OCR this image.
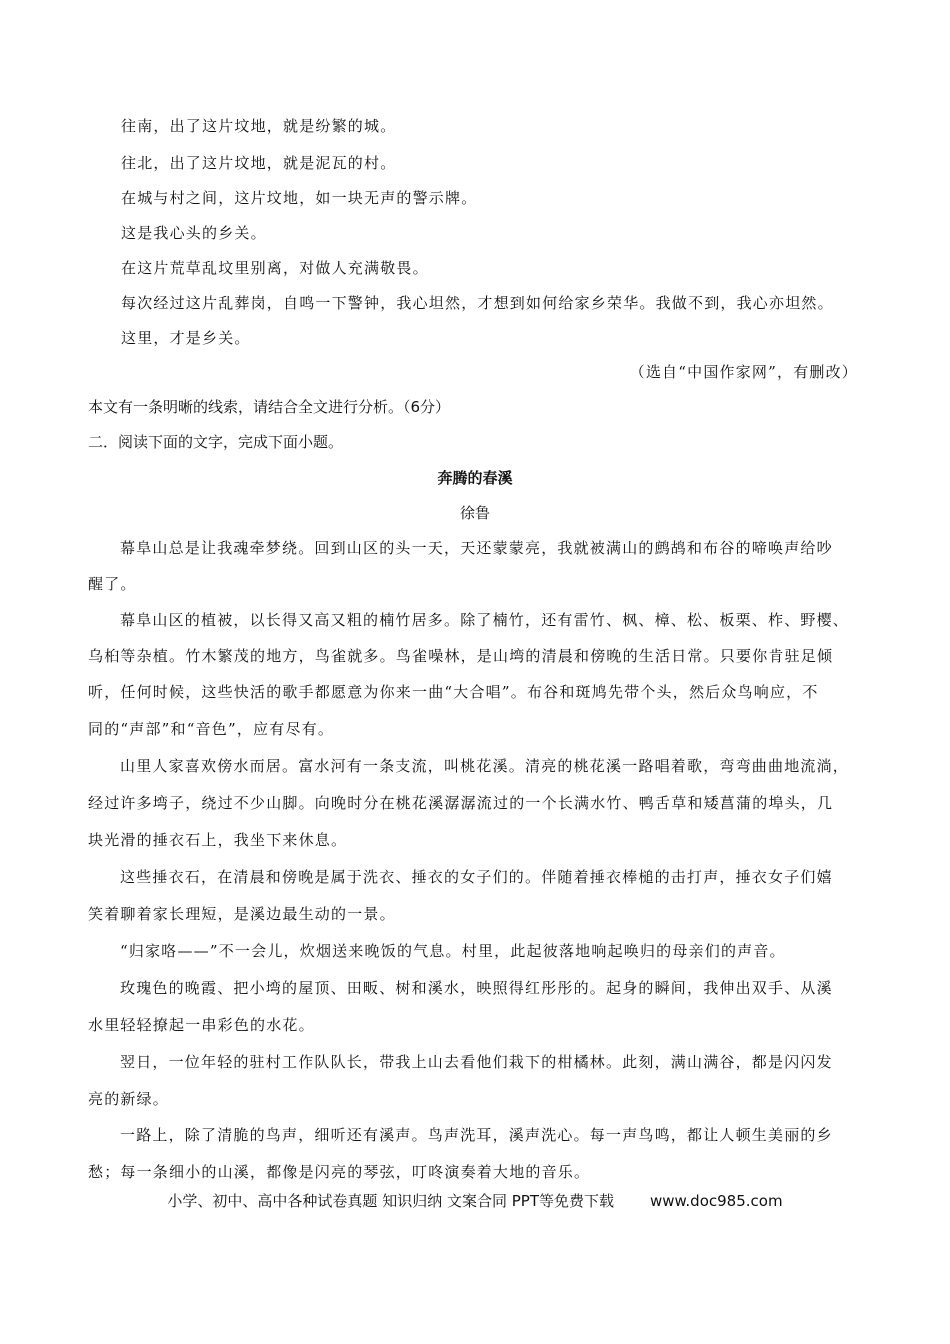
往南，出了这片坟地，就是纷繁的城。
往北，出了这片坟地，就是泥瓦的村。
在城与村之间，这片坟地，如一块无声的警示牌。
这是我心头的乡关。
在这片荒草乱坟里别离，对做人充满敬畏。
每次经过这片乱葬岗，自鸣一下警钟，我心坦然，才想到如何给家乡荣华。我做不到，我心亦坦然。
这里，才是乡关。
（选自“中国作家网”，有删改）
本文有一条明晰的线索，请结合全文进行分析。（6分）
二．阅读下面的文字，完成下面小题。
奔腾的春溪
徐鲁
幕阜山总是让我魂牵梦绕。回到山区的头一天，天还蒙蒙亮，我就被满山的鹧鸪和布谷的啼唤声给吵
醒了。
幕阜山区的植被，以长得又高又粗的楠竹居多。除了楠竹，还有雷竹、枫、樟、松、板栗、柞、野樱、
乌桕等杂植。竹木繁茂的地方，鸟雀就多。鸟雀噪林，是山塆的清晨和傍晚的生活日常。只要你肯驻足倾
听，任何时候，这些快活的歌手都愿意为你来一曲“大合唱”。布谷和斑鸠先带个头，然后众鸟响应，不
同的“声部”和“音色”，应有尽有。
山里人家喜欢傍水而居。富水河有一条支流，叫桃花溪。清亮的桃花溪一路唱着歌，弯弯曲曲地流淌，
经过许多塆子，绕过不少山脚。向晚时分在桃花溪潺潺流过的一个长满水竹、鸭舌草和矮菖蒲的埠头，几
块光滑的捶衣石上，我坐下来休息。
这些捶衣石，在清晨和傍晚是属于洗衣、捶衣的女子们的。伴随着捶衣棒槌的击打声，捶衣女子们嬉
笑着聊着家长理短，是溪边最生动的一景。
“归家咯——”不一会儿，炊烟送来晚饭的气息。村里，此起彼落地响起唤归的母亲们的声音。
玫瑰色的晚霞、把小塆的屋顶、田畈、树和溪水，映照得红彤彤的。起身的瞬间，我伸出双手、从溪
水里轻轻撩起一串彩色的水花。
翌日，一位年轻的驻村工作队队长，带我上山去看他们栽下的柑橘林。此刻，满山满谷，都是闪闪发
亮的新绿。
一路上，除了清脆的鸟声，细听还有溪声。鸟声洗耳，溪声洗心。每一声鸟鸣，都让人顿生美丽的乡
愁；每一条细小的山溪，都像是闪亮的琴弦，叮咚演奏着大地的音乐。
小学、初中、高中各种试卷真题 知识归纳 文案合同 PPT等免费下载 www.doc985.com
